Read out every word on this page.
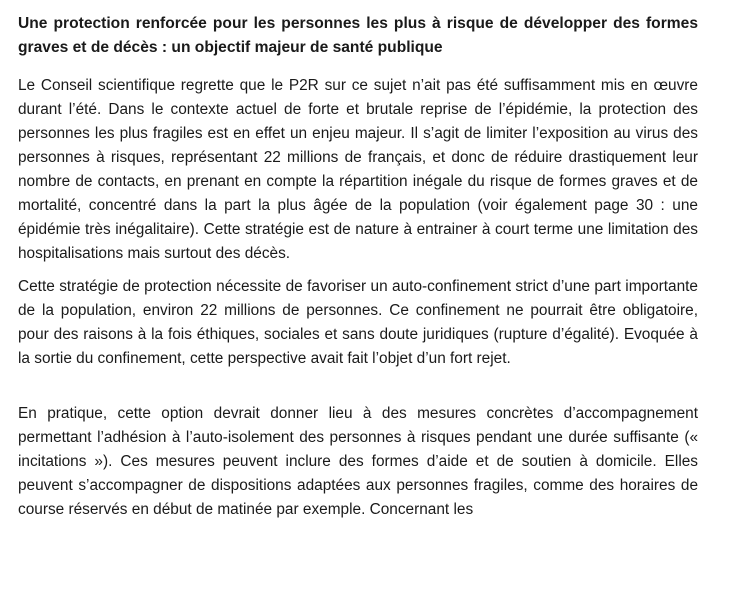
Une protection renforcée pour les personnes les plus à risque de développer des formes graves et de décès : un objectif majeur de santé publique

Le Conseil scientifique regrette que le P2R sur ce sujet n’ait pas été suffisamment mis en œuvre durant l’été. Dans le contexte actuel de forte et brutale reprise de l’épidémie, la protection des personnes les plus fragiles est en effet un enjeu majeur. Il s’agit de limiter l’exposition au virus des personnes à risques, représentant 22 millions de français, et donc de réduire drastiquement leur nombre de contacts, en prenant en compte la répartition inégale du risque de formes graves et de mortalité, concentré dans la part la plus âgée de la population (voir également page 30 : une épidémie très inégalitaire). Cette stratégie est de nature à entrainer à court terme une limitation des hospitalisations mais surtout des décès.

Cette stratégie de protection nécessite de favoriser un auto-confinement strict d’une part importante de la population, environ 22 millions de personnes. Ce confinement ne pourrait être obligatoire, pour des raisons à la fois éthiques, sociales et sans doute juridiques (rupture d’égalité). Evoquée à la sortie du confinement, cette perspective avait fait l’objet d’un fort rejet.

En pratique, cette option devrait donner lieu à des mesures concrètes d’accompagnement permettant l’adhésion à l’auto-isolement des personnes à risques pendant une durée suffisante (« incitations »). Ces mesures peuvent inclure des formes d’aide et de soutien à domicile. Elles peuvent s’accompagner de dispositions adaptées aux personnes fragiles, comme des horaires de course réservés en début de matinée par exemple. Concernant les
